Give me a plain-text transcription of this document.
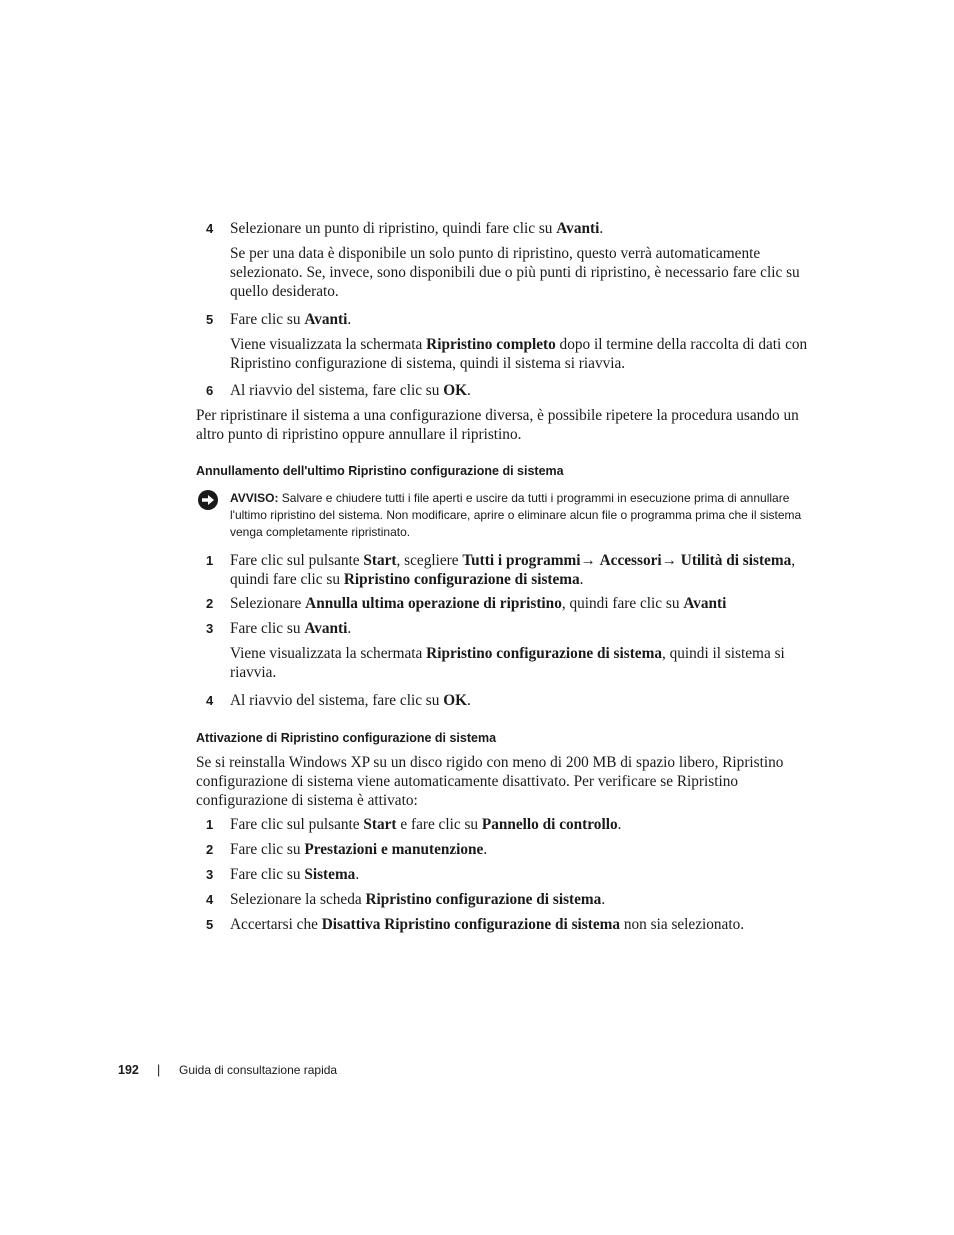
4 Selezionare un punto di ripristino, quindi fare clic su Avanti.
Se per una data è disponibile un solo punto di ripristino, questo verrà automaticamente selezionato. Se, invece, sono disponibili due o più punti di ripristino, è necessario fare clic su quello desiderato.
5 Fare clic su Avanti.
Viene visualizzata la schermata Ripristino completo dopo il termine della raccolta di dati con Ripristino configurazione di sistema, quindi il sistema si riavvia.
6 Al riavvio del sistema, fare clic su OK.
Per ripristinare il sistema a una configurazione diversa, è possibile ripetere la procedura usando un altro punto di ripristino oppure annullare il ripristino.
Annullamento dell'ultimo Ripristino configurazione di sistema
AVVISO: Salvare e chiudere tutti i file aperti e uscire da tutti i programmi in esecuzione prima di annullare l'ultimo ripristino del sistema. Non modificare, aprire o eliminare alcun file o programma prima che il sistema venga completamente ripristinato.
1 Fare clic sul pulsante Start, scegliere Tutti i programmi→ Accessori→ Utilità di sistema, quindi fare clic su Ripristino configurazione di sistema.
2 Selezionare Annulla ultima operazione di ripristino, quindi fare clic su Avanti
3 Fare clic su Avanti.
Viene visualizzata la schermata Ripristino configurazione di sistema, quindi il sistema si riavvia.
4 Al riavvio del sistema, fare clic su OK.
Attivazione di Ripristino configurazione di sistema
Se si reinstalla Windows XP su un disco rigido con meno di 200 MB di spazio libero, Ripristino configurazione di sistema viene automaticamente disattivato. Per verificare se Ripristino configurazione di sistema è attivato:
1 Fare clic sul pulsante Start e fare clic su Pannello di controllo.
2 Fare clic su Prestazioni e manutenzione.
3 Fare clic su Sistema.
4 Selezionare la scheda Ripristino configurazione di sistema.
5 Accertarsi che Disattiva Ripristino configurazione di sistema non sia selezionato.
192 | Guida di consultazione rapida
